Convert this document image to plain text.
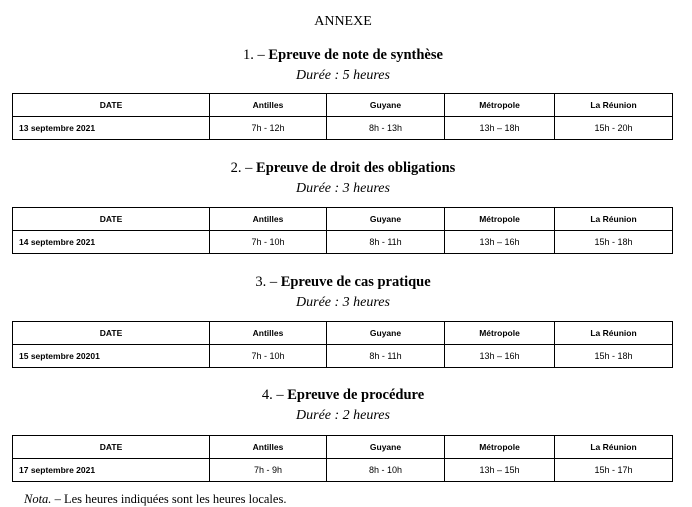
ANNEXE
1. – Epreuve de note de synthèse
Durée : 5 heures
DATE	Antilles	Guyane	Métropole	La Réunion
13 septembre 2021	7h - 12h	8h - 13h	13h – 18h	15h - 20h
2. – Epreuve de droit des obligations
Durée : 3 heures
DATE	Antilles	Guyane	Métropole	La Réunion
14 septembre 2021	7h - 10h	8h - 11h	13h – 16h	15h - 18h
3. – Epreuve de cas pratique
Durée : 3 heures
DATE	Antilles	Guyane	Métropole	La Réunion
15 septembre 20201	7h - 10h	8h - 11h	13h – 16h	15h - 18h
4. – Epreuve de procédure
Durée : 2 heures
DATE	Antilles	Guyane	Métropole	La Réunion
17 septembre 2021	7h - 9h	8h - 10h	13h – 15h	15h - 17h
Nota. – Les heures indiquées sont les heures locales.
